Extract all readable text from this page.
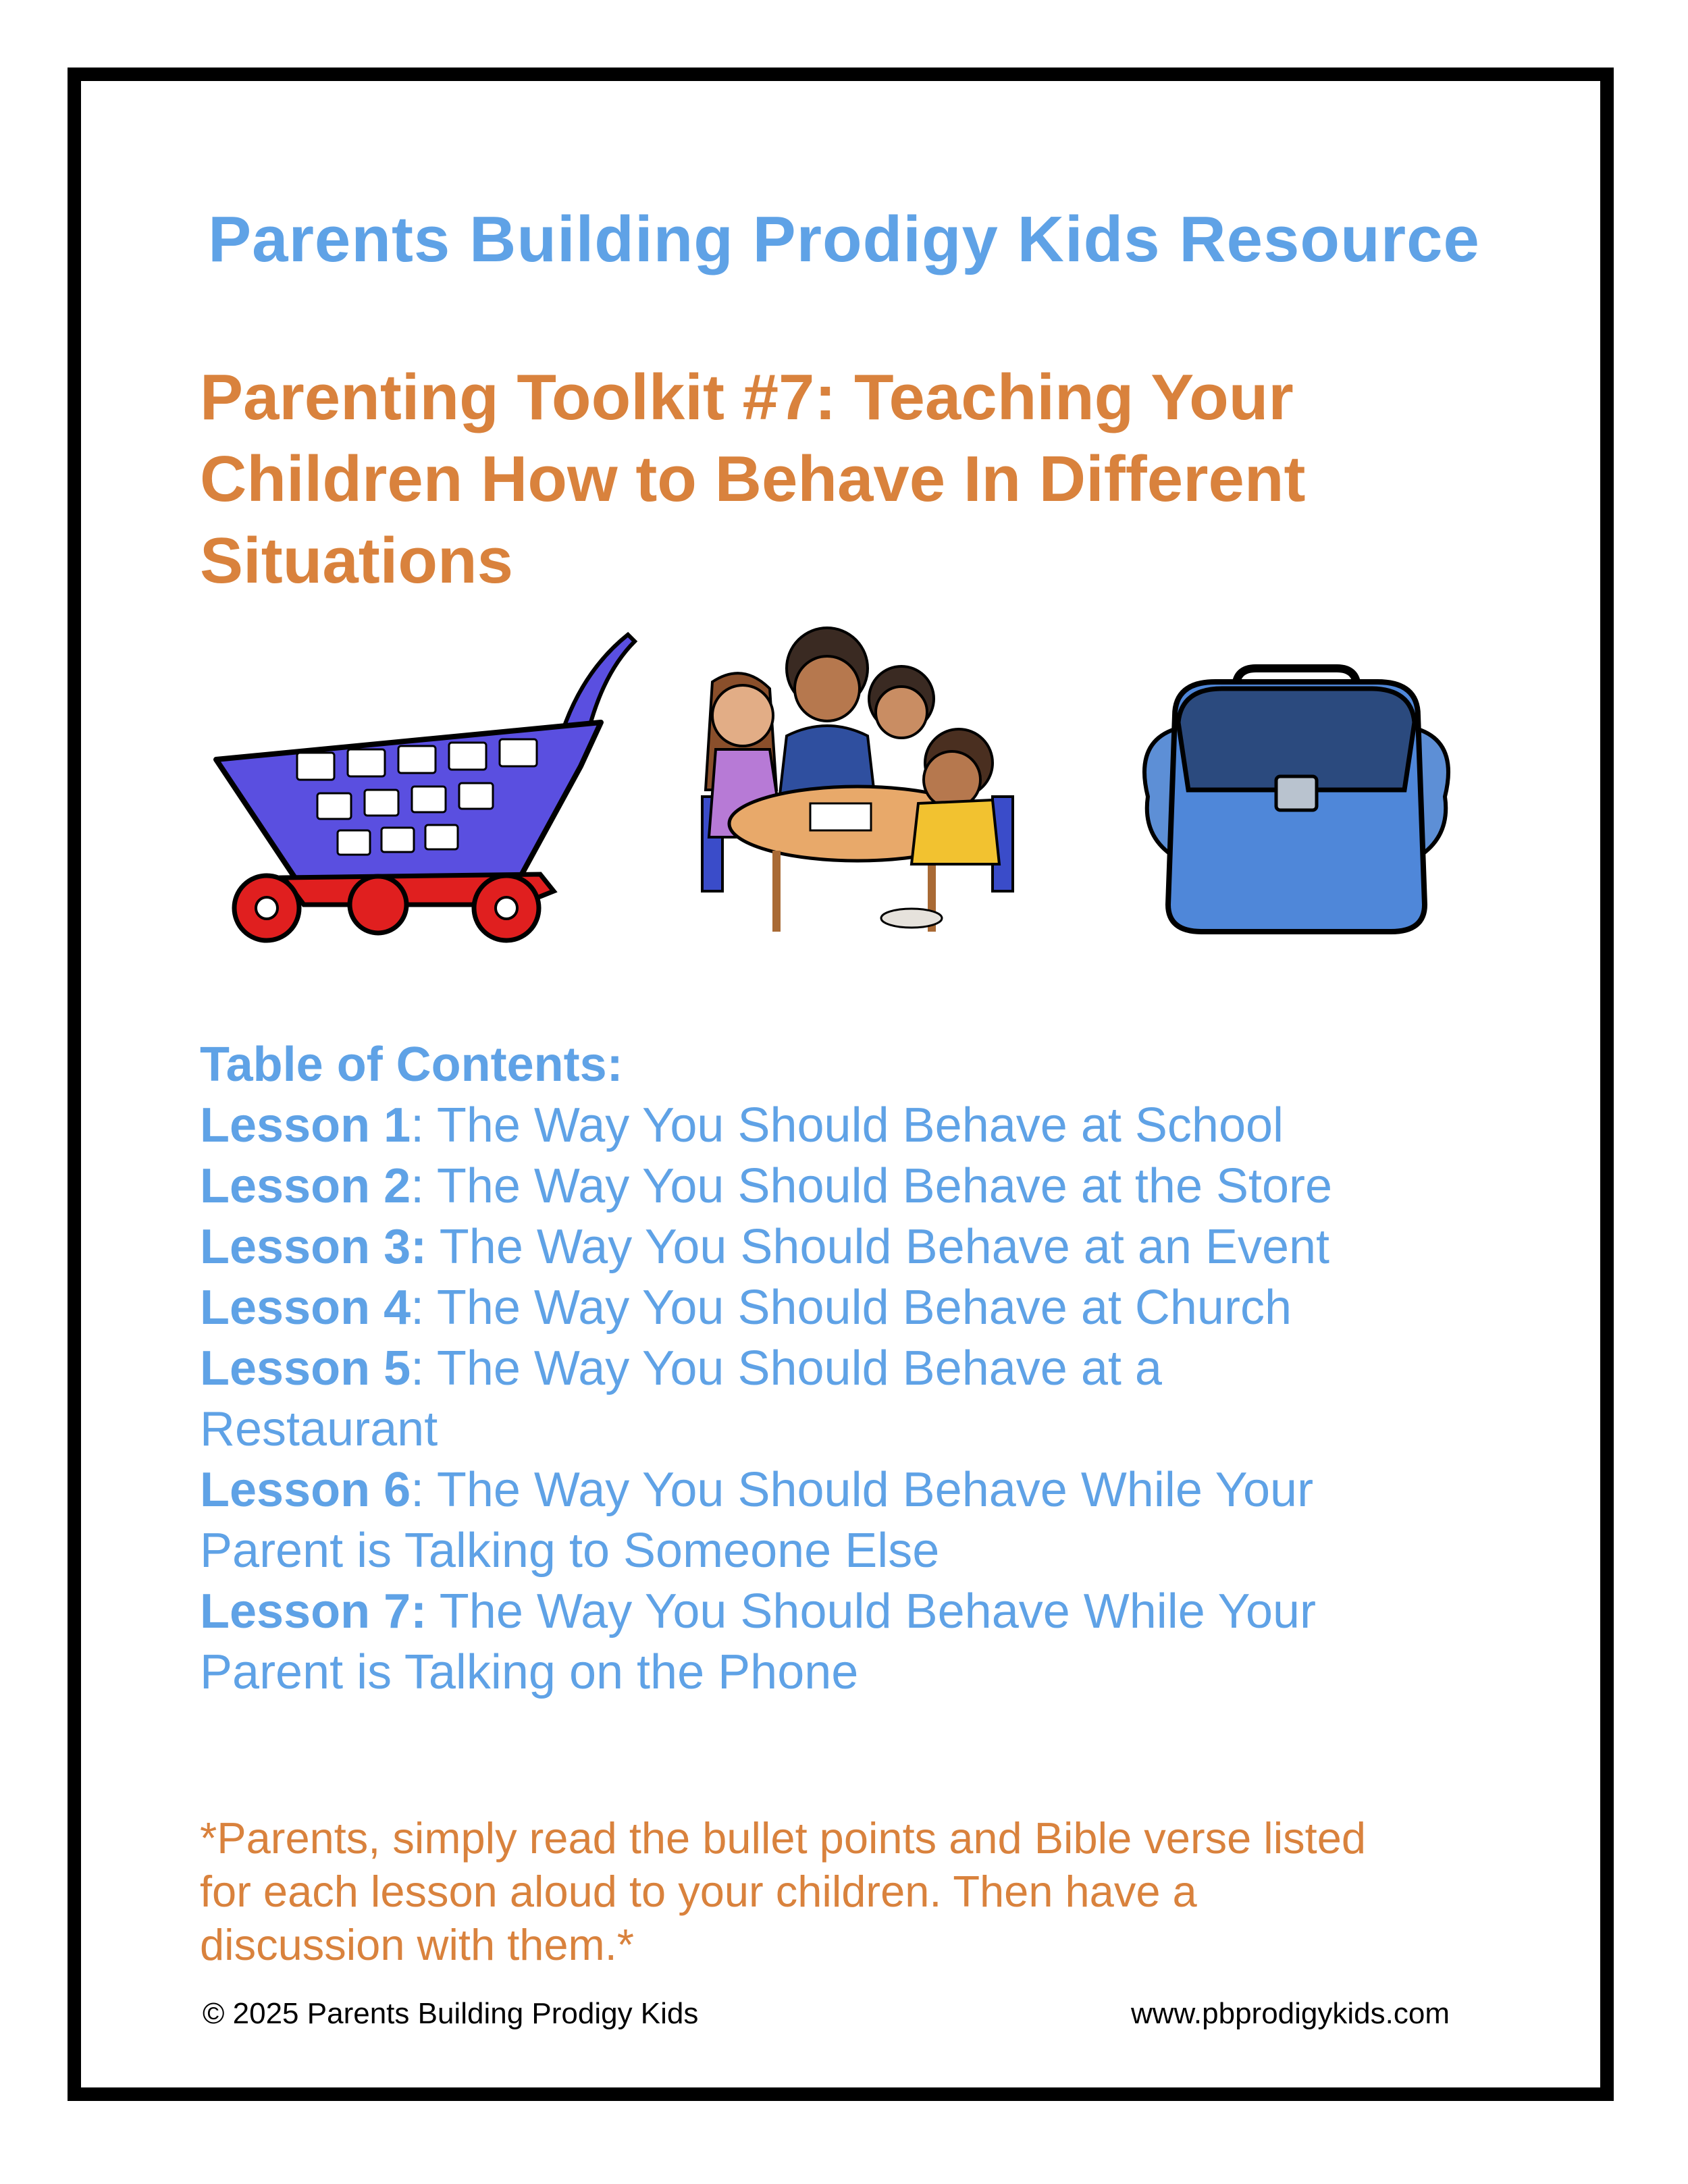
Parents Building Prodigy Kids Resource
Parenting Toolkit #7: Teaching Your
Children How to Behave In Different
Situations
Table of Contents:
Lesson 1: The Way You Should Behave at School
Lesson 2: The Way You Should Behave at the Store
Lesson 3: The Way You Should Behave at an Event
Lesson 4: The Way You Should Behave at Church
Lesson 5: The Way You Should Behave at a
Restaurant
Lesson 6: The Way You Should Behave While Your
Parent is Talking to Someone Else
Lesson 7: The Way You Should Behave While Your
Parent is Talking on the Phone
*Parents, simply read the bullet points and Bible verse listed
for each lesson aloud to your children. Then have a
discussion with them.*
© 2025 Parents Building Prodigy Kids	www.pbprodigykids.com
